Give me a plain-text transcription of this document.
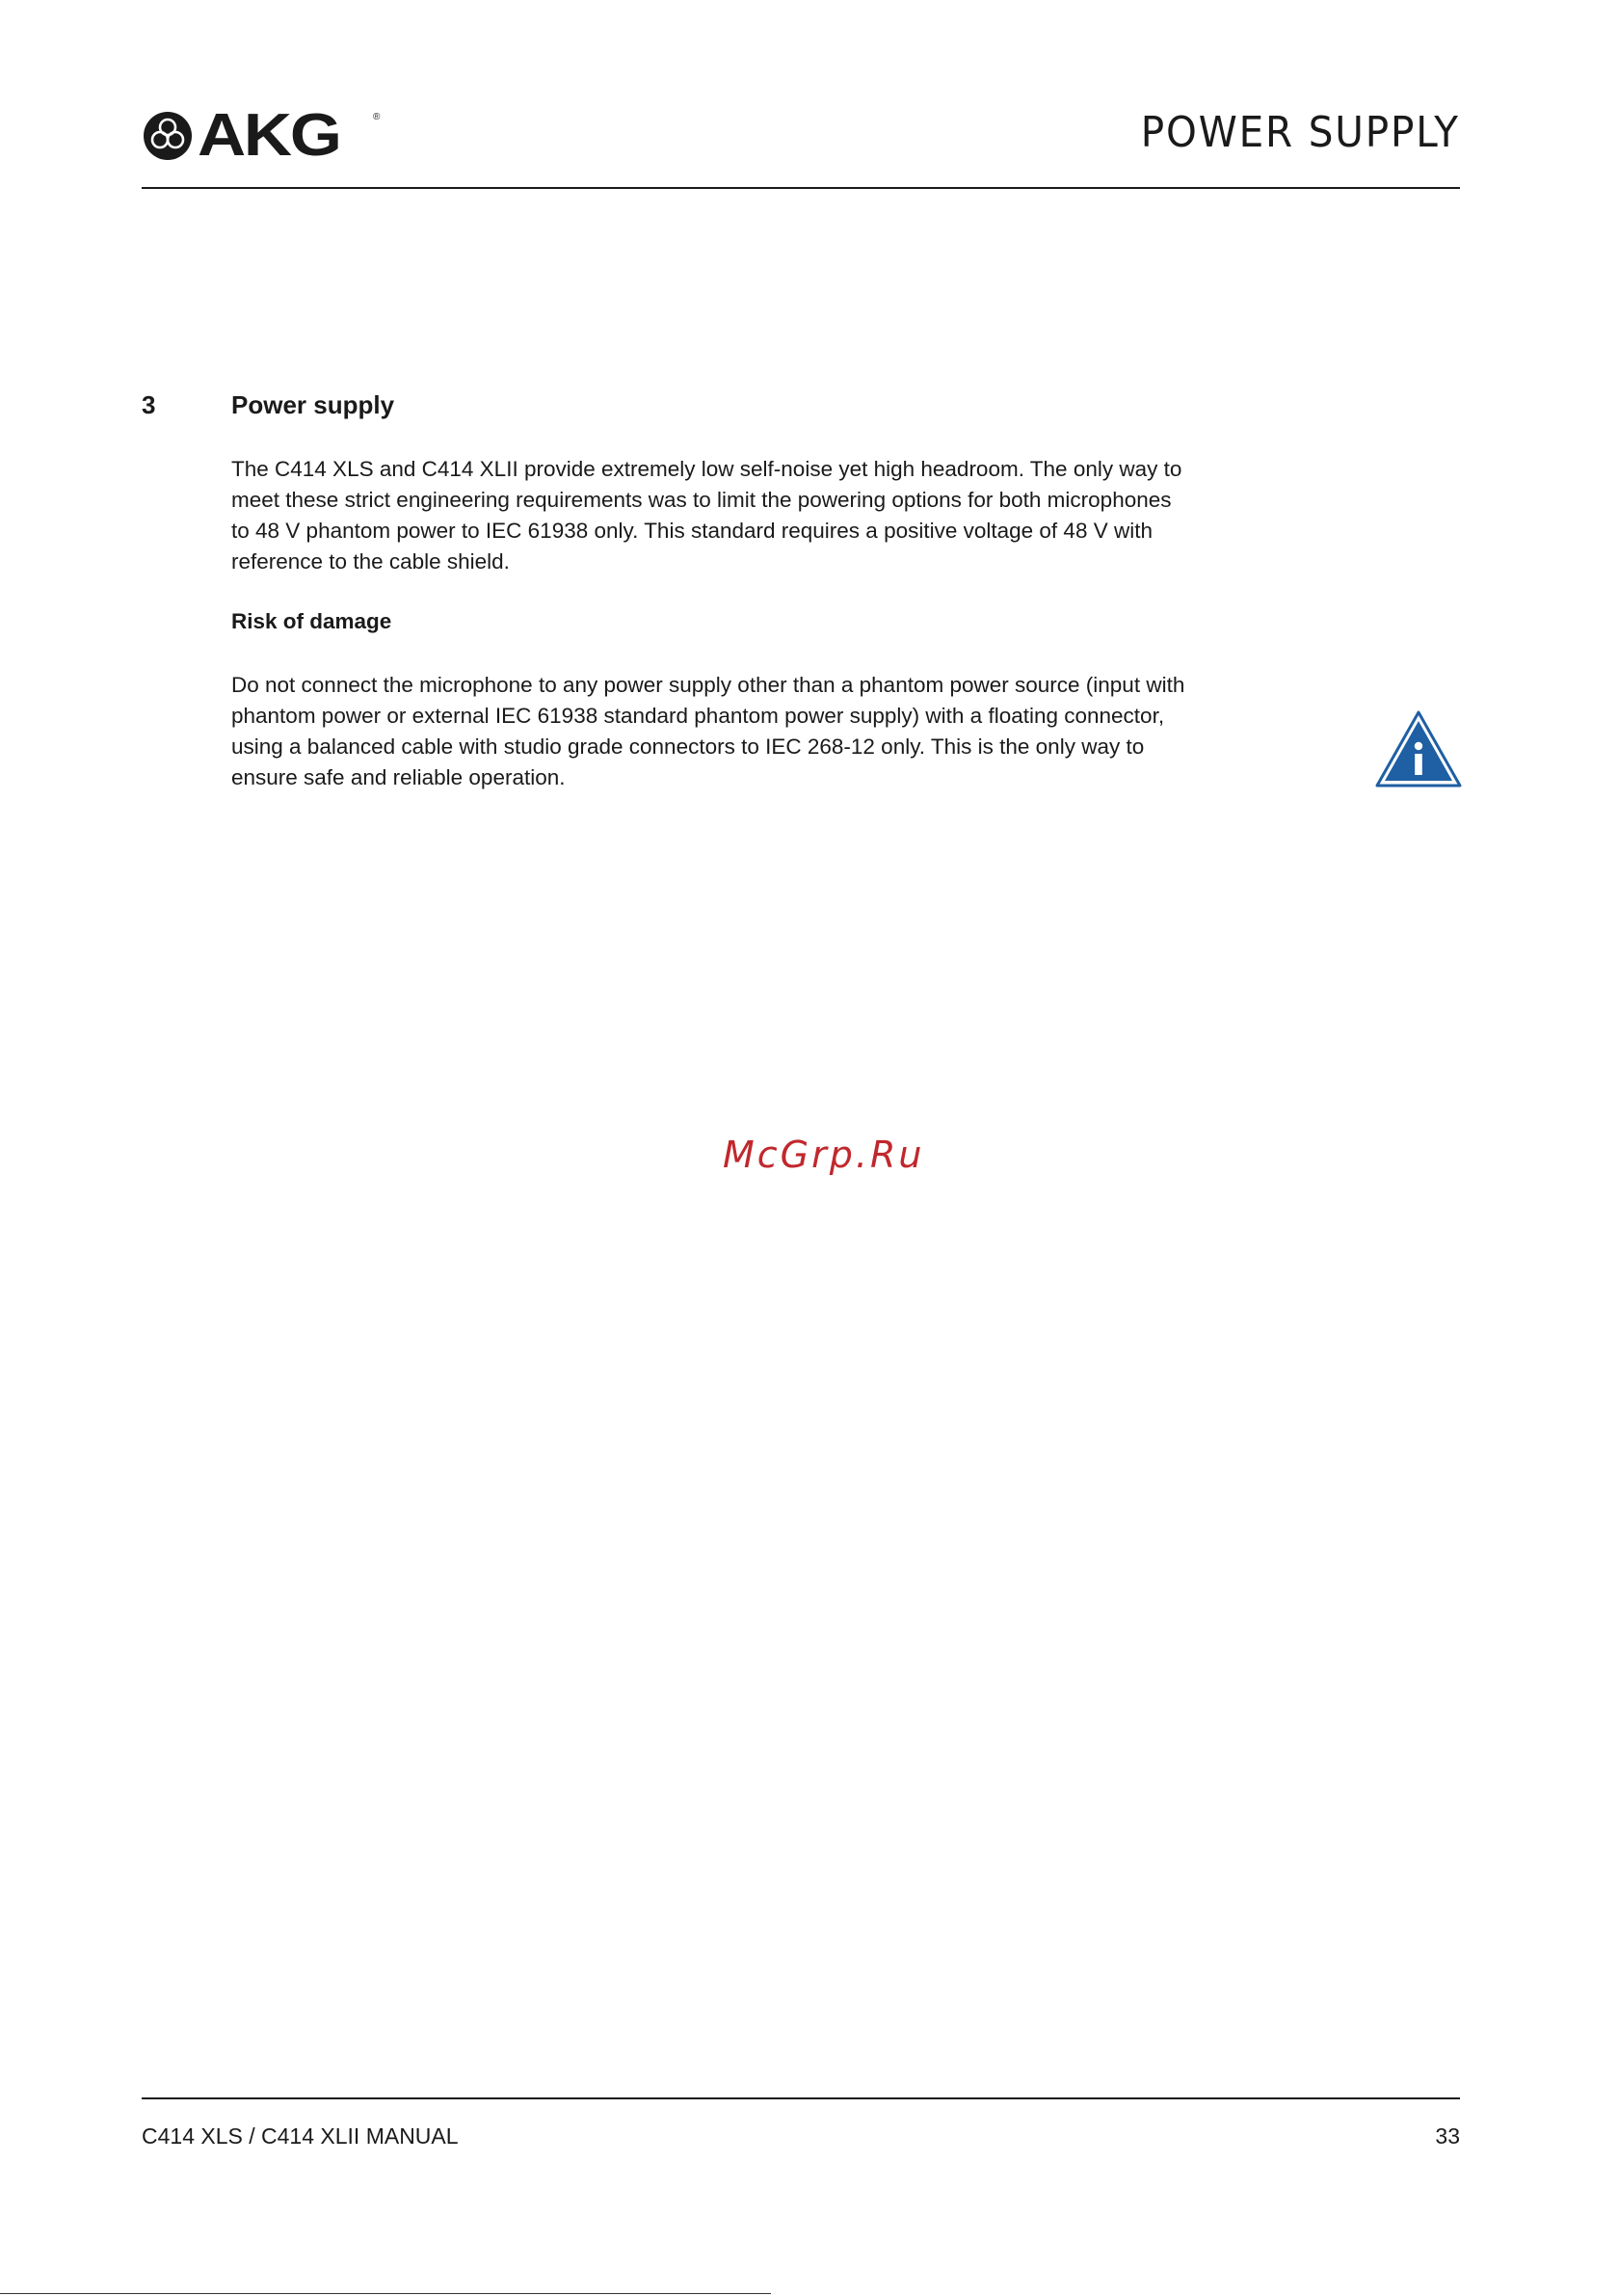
AKG	®	POWER SUPPLY
3	Power supply
The C414 XLS and C414 XLII provide extremely low self-noise yet high headroom. The only way to meet these strict engineering requirements was to limit the powering options for both microphones to 48 V phantom power to IEC 61938 only. This standard requires a positive voltage of 48 V with reference to the cable shield.
Risk of damage
Do not connect the microphone to any power supply other than a phantom power source (input with phantom power or external IEC 61938 standard phantom power supply) with a floating connector, using a balanced cable with studio grade connectors to IEC 268-12 only. This is the only way to ensure safe and reliable operation.
McGrp.Ru
C414 XLS / C414 XLII MANUAL	33
